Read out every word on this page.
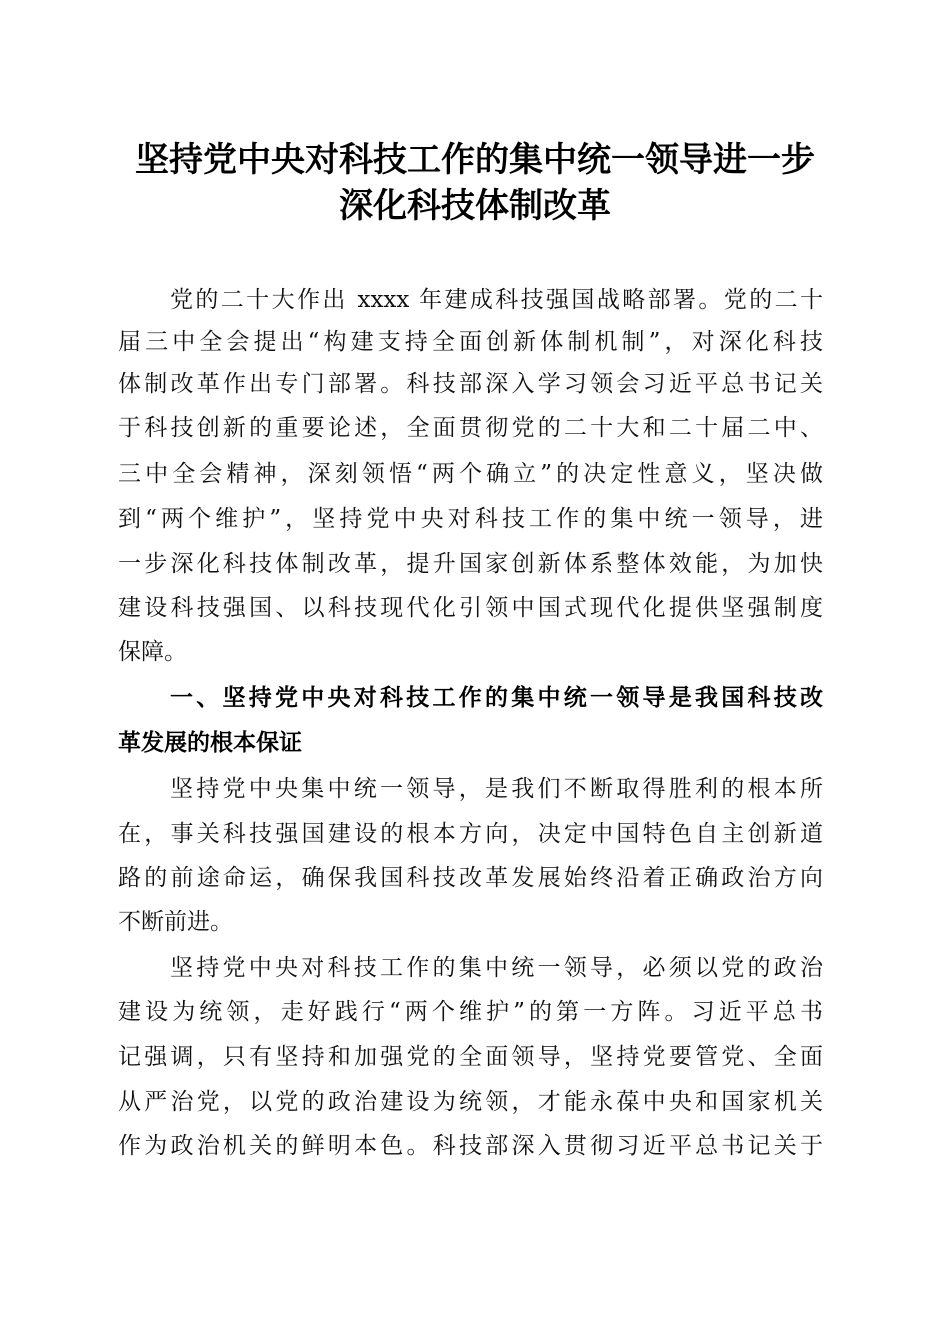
坚持党中央对科技工作的集中统一领导进一步
深化科技体制改革
党的二十大作出 xxxx 年建成科技强国战略部署。党的二十
届三中全会提出“构建支持全面创新体制机制”，对深化科技
体制改革作出专门部署。科技部深入学习领会习近平总书记关
于科技创新的重要论述，全面贯彻党的二十大和二十届二中、
三中全会精神，深刻领悟“两个确立”的决定性意义，坚决做
到“两个维护”，坚持党中央对科技工作的集中统一领导，进
一步深化科技体制改革，提升国家创新体系整体效能，为加快
建设科技强国、以科技现代化引领中国式现代化提供坚强制度
保障。
一、坚持党中央对科技工作的集中统一领导是我国科技改
革发展的根本保证
坚持党中央集中统一领导，是我们不断取得胜利的根本所
在，事关科技强国建设的根本方向，决定中国特色自主创新道
路的前途命运，确保我国科技改革发展始终沿着正确政治方向
不断前进。
坚持党中央对科技工作的集中统一领导，必须以党的政治
建设为统领，走好践行“两个维护”的第一方阵。习近平总书
记强调，只有坚持和加强党的全面领导，坚持党要管党、全面
从严治党，以党的政治建设为统领，才能永葆中央和国家机关
作为政治机关的鲜明本色。科技部深入贯彻习近平总书记关于
